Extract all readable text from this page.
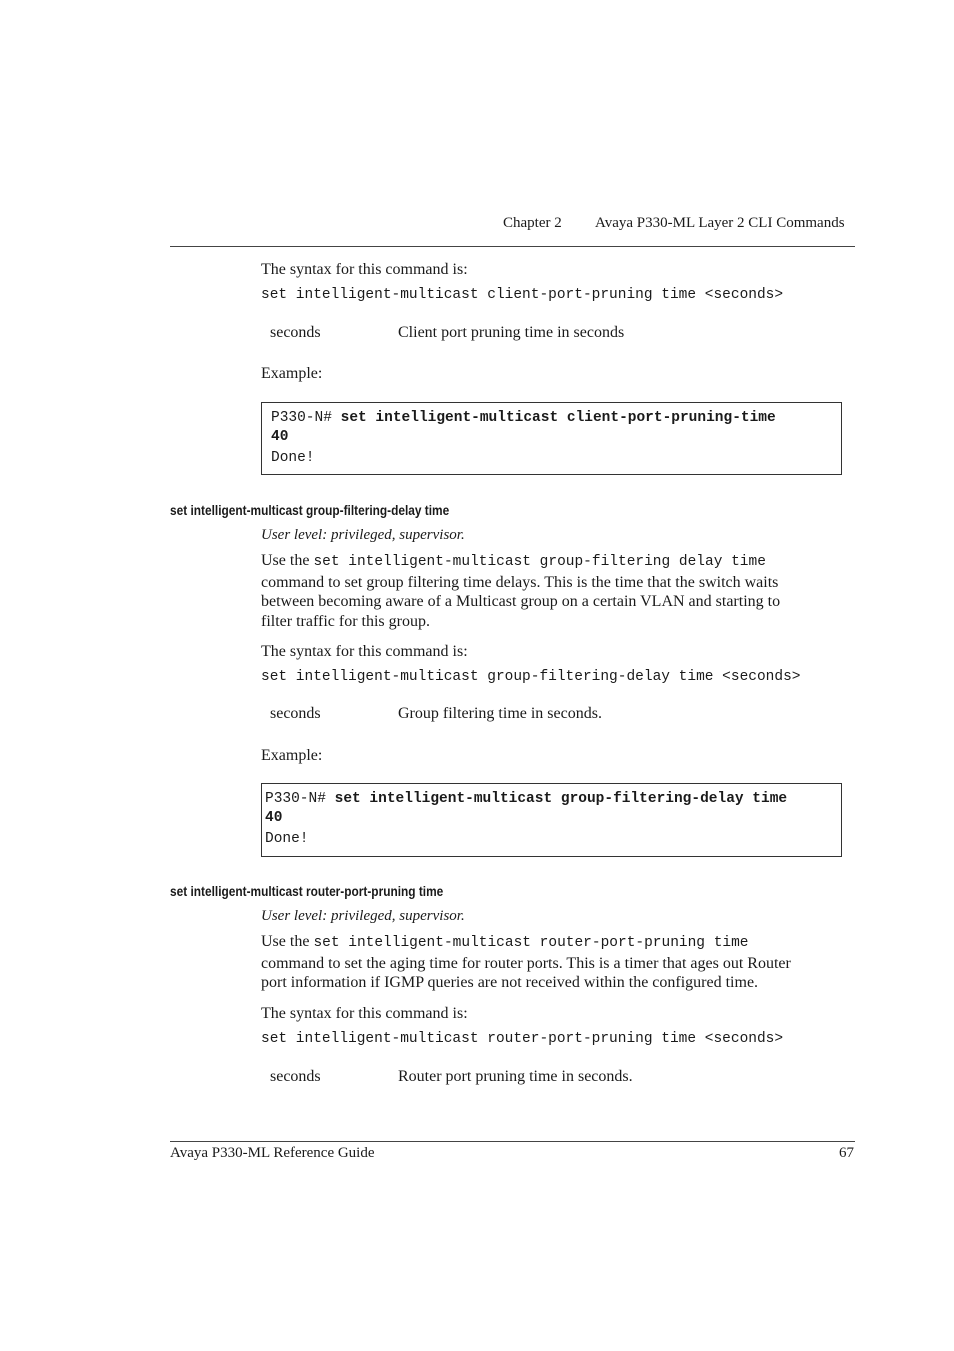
Chapter 2 Avaya P330-ML Layer 2 CLI Commands
The syntax for this command is:
set intelligent-multicast client-port-pruning time <seconds>
seconds	Client port pruning time in seconds
Example:
P330-N# set intelligent-multicast client-port-pruning-time
40
Done!
set intelligent-multicast group-filtering-delay time
User level: privileged, supervisor.
Use the set intelligent-multicast group-filtering delay time
command to set group filtering time delays. This is the time that the switch waits
between becoming aware of a Multicast group on a certain VLAN and starting to
filter traffic for this group.
The syntax for this command is:
set intelligent-multicast group-filtering-delay time <seconds>
seconds	Group filtering time in seconds.
Example:
P330-N# set intelligent-multicast group-filtering-delay time
40
Done!
set intelligent-multicast router-port-pruning time
User level: privileged, supervisor.
Use the set intelligent-multicast router-port-pruning time
command to set the aging time for router ports. This is a timer that ages out Router
port information if IGMP queries are not received within the configured time.
The syntax for this command is:
set intelligent-multicast router-port-pruning time <seconds>
seconds	Router port pruning time in seconds.
Avaya P330-ML Reference Guide	67
